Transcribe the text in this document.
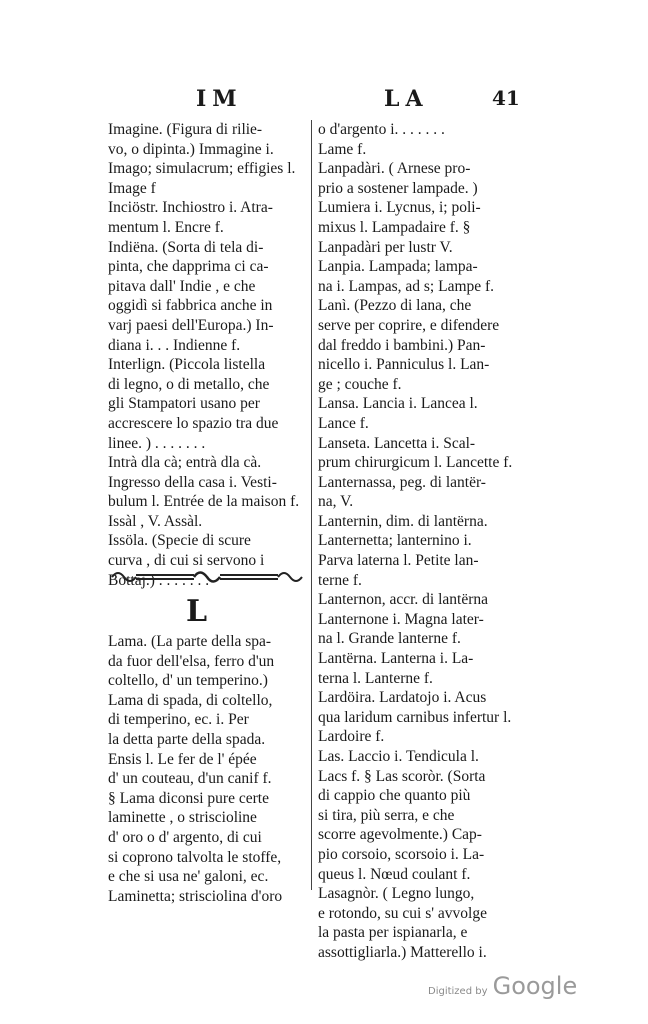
IM	LA	41
Imagine. (Figura di rilie-
vo, o dipinta.) Immagine i.
Imago; simulacrum; effigies l.
Image f
Inciöstr. Inchiostro i. Atra-
mentum l. Encre f.
Indiëna. (Sorta di tela di-
pinta, che dapprima ci ca-
pitava dall' Indie , e che
oggidì si fabbrica anche in
varj paesi dell'Europa.) In-
diana i. . . Indienne f.
Interlign. (Piccola listella
di legno, o di metallo, che
gli Stampatori usano per
accrescere lo spazio tra due
linee. ) . . . . . . .
Intrà dla cà; entrà dla cà.
Ingresso della casa i. Vesti-
bulum l. Entrée de la maison f.
Issàl , V. Assàl.
Issöla. (Specie di scure
curva , di cui si servono i
Bottaj.) . . . . . . .
L
Lama. (La parte della spa-
da fuor dell'elsa, ferro d'un
coltello, d' un temperino.)
Lama di spada, di coltello,
di temperino, ec. i. Per
la detta parte della spada.
Ensis l. Le fer de l' épée
d' un couteau, d'un canif f.
§ Lama diconsi pure certe
laminette , o striscioline
d' oro o d' argento, di cui
si coprono talvolta le stoffe,
e che si usa ne' galoni, ec.
Laminetta; strisciolina d'oro
o d'argento i. . . . . . .
Lame f.
Lanpadàri. ( Arnese pro-
prio a sostener lampade. )
Lumiera i. Lycnus, i; poli-
mixus l. Lampadaire f. §
Lanpadàri per lustr V.
Lanpia. Lampada; lampa-
na i. Lampas, ad s; Lampe f.
Lanì. (Pezzo di lana, che
serve per coprire, e difendere
dal freddo i bambini.) Pan-
nicello i. Panniculus l. Lan-
ge ; couche f.
Lansa. Lancia i. Lancea l.
Lance f.
Lanseta. Lancetta i. Scal-
prum chirurgicum l. Lancette f.
Lanternassa, peg. di lantër-
na, V.
Lanternin, dim. di lantërna.
Lanternetta; lanternino i.
Parva laterna l. Petite lan-
terne f.
Lanternon, accr. di lantërna
Lanternone i. Magna later-
na l. Grande lanterne f.
Lantërna. Lanterna i. La-
terna l. Lanterne f.
Lardöira. Lardatojo i. Acus
qua laridum carnibus infertur l.
Lardoire f.
Las. Laccio i. Tendicula l.
Lacs f. § Las scoròr. (Sorta
di cappio che quanto più
si tira, più serra, e che
scorre agevolmente.) Cap-
pio corsoio, scorsoio i. La-
queus l. Nœud coulant f.
Lasagnòr. ( Legno lungo,
e rotondo, su cui s' avvolge
la pasta per ispianarla, e
assottigliarla.) Matterello i.
Digitized by Google
